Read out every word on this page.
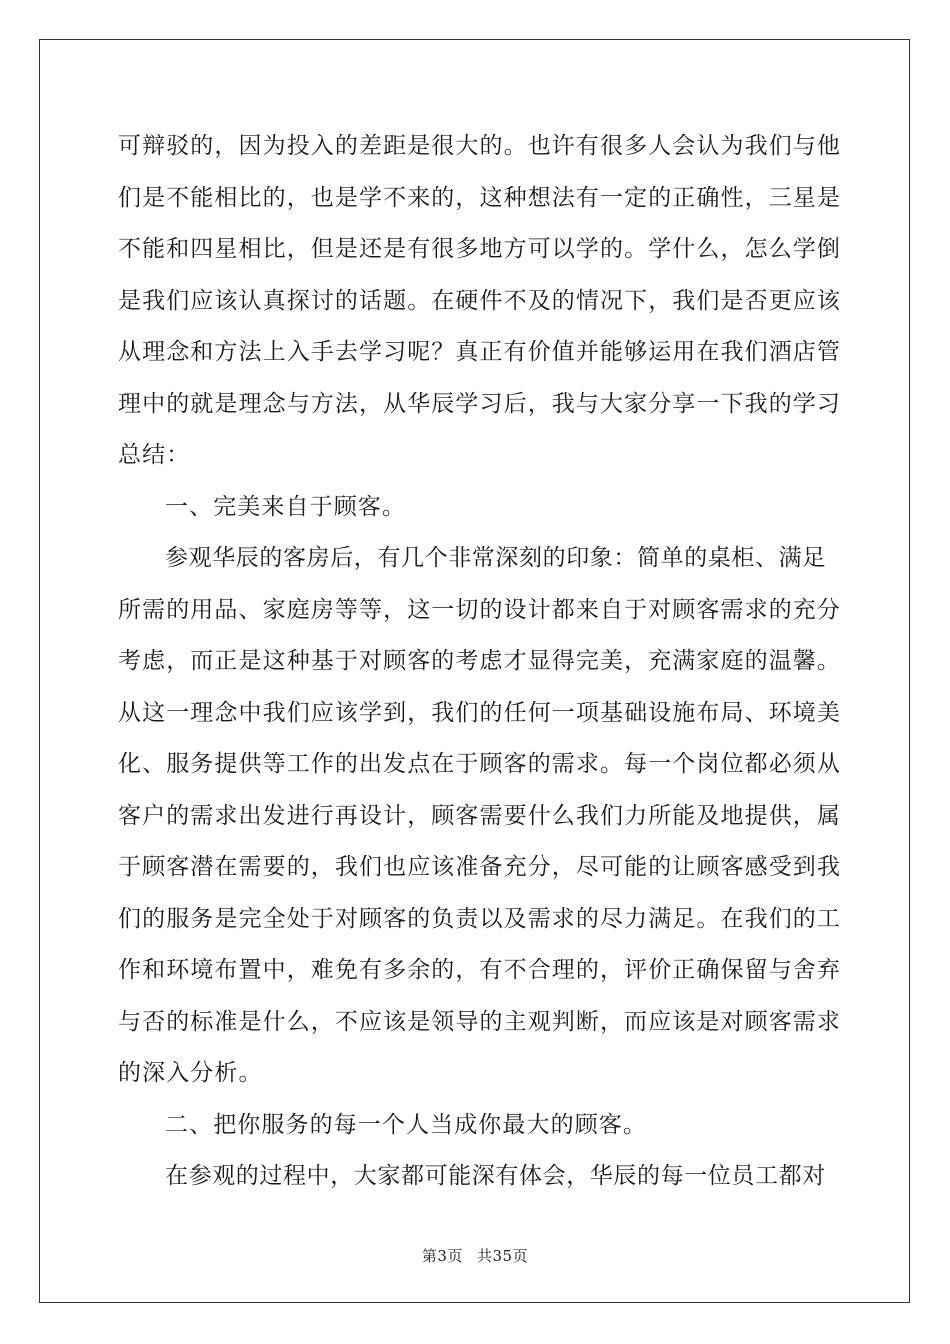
可辩驳的，因为投入的差距是很大的。也许有很多人会认为我们与他
们是不能相比的，也是学不来的，这种想法有一定的正确性，三星是
不能和四星相比，但是还是有很多地方可以学的。学什么，怎么学倒
是我们应该认真探讨的话题。在硬件不及的情况下，我们是否更应该
从理念和方法上入手去学习呢？真正有价值并能够运用在我们酒店管
理中的就是理念与方法，从华辰学习后，我与大家分享一下我的学习
总结：
一、完美来自于顾客。
参观华辰的客房后，有几个非常深刻的印象：简单的桌柜、满足
所需的用品、家庭房等等，这一切的设计都来自于对顾客需求的充分
考虑，而正是这种基于对顾客的考虑才显得完美，充满家庭的温馨。
从这一理念中我们应该学到，我们的任何一项基础设施布局、环境美
化、服务提供等工作的出发点在于顾客的需求。每一个岗位都必须从
客户的需求出发进行再设计，顾客需要什么我们力所能及地提供，属
于顾客潜在需要的，我们也应该准备充分，尽可能的让顾客感受到我
们的服务是完全处于对顾客的负责以及需求的尽力满足。在我们的工
作和环境布置中，难免有多余的，有不合理的，评价正确保留与舍弃
与否的标准是什么，不应该是领导的主观判断，而应该是对顾客需求
的深入分析。
二、把你服务的每一个人当成你最大的顾客。
在参观的过程中，大家都可能深有体会，华辰的每一位员工都对
第3页 共35页
